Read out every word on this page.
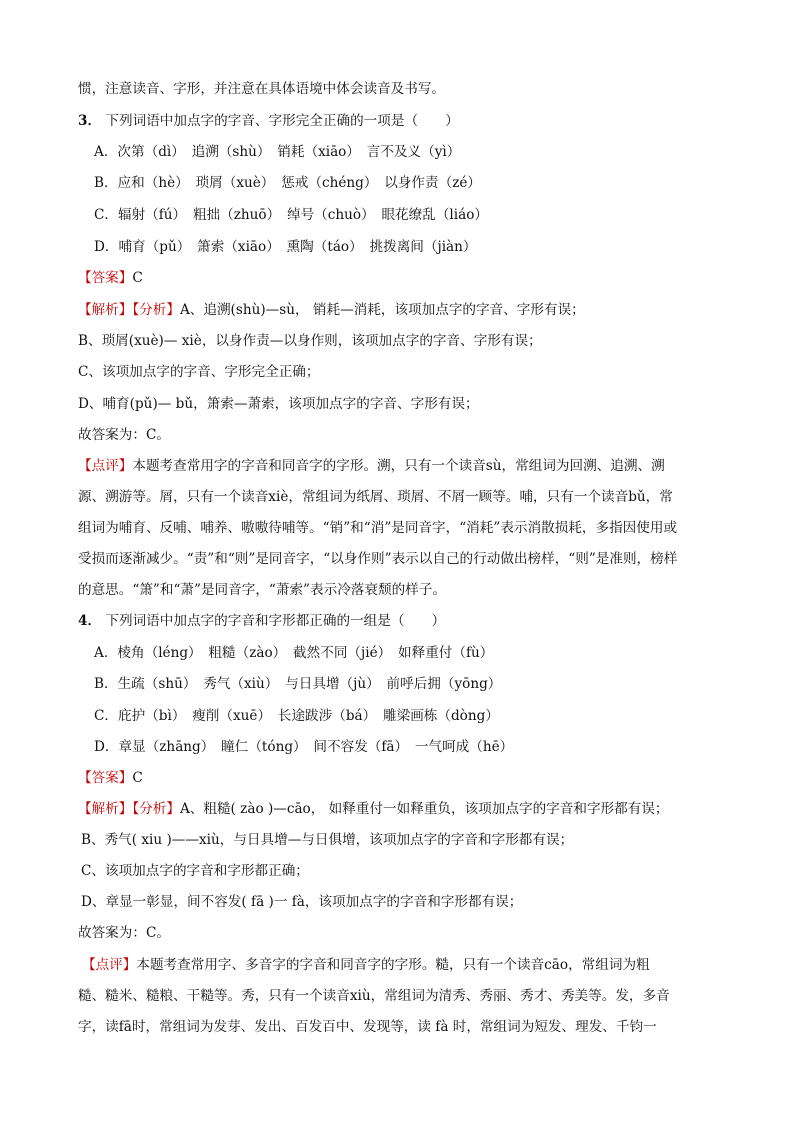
惯，注意读音、字形，并注意在具体语境中体会读音及书写。
3． 下列词语中加点字的字音、字形完全正确的一项是（　　）
A．次第（dì）　追溯（shù）　销耗（xiāo）　言不及义（yì）
B．应和（hè）　琐屑（xuè）　惩戒（chéng）　以身作责（zé）
C．辐射（fú）　粗拙（zhuō）　绰号（chuò）　眼花缭乱（liáo）
D．哺育（pǔ）　箫索（xiāo）　熏陶（táo）　挑拨离间（jiàn）
【答案】C
【解析】【分析】A、追溯(shù)—sù， 销耗—消耗，该项加点字的字音、字形有误；
B、琐屑(xuè)— xiè，以身作责—以身作则，该项加点字的字音、字形有误；
C、该项加点字的字音、字形完全正确；
D、哺育(pǔ)— bǔ，箫索—萧索，该项加点字的字音、字形有误；
故答案为：C。
【点评】本题考查常用字的字音和同音字的字形。溯，只有一个读音sù，常组词为回溯、追溯、溯
源、溯游等。屑，只有一个读音xiè，常组词为纸屑、琐屑、不屑一顾等。哺，只有一个读音bǔ，常
组词为哺育、反哺、哺养、嗷嗷待哺等。“销”和“消”是同音字，“消耗”表示消散损耗，多指因使用或
受损而逐渐减少。“责”和“则”是同音字，“以身作则”表示以自己的行动做出榜样，“则”是准则，榜样
的意思。“箫”和“萧”是同音字，“萧索”表示冷落衰颓的样子。
4． 下列词语中加点字的字音和字形都正确的一组是（　　）
A．棱角（léng）　粗糙（zào）　截然不同（jié）　如释重付（fù）
B．生疏（shū）　秀气（xiù）　与日具增（jù）　前呼后拥（yōng）
C．庇护（bì）　瘦削（xuē）　长途跋涉（bá）　雕梁画栋（dòng）
D．章显（zhāng）　瞳仁（tóng）　间不容发（fā）　一气呵成（hē）
【答案】C
【解析】【分析】A、粗糙( zào )—cāo， 如释重付一如释重负，该项加点字的字音和字形都有误；
B、秀气( xiu )——xiù，与日具增—与日俱增，该项加点字的字音和字形都有误；
C、该项加点字的字音和字形都正确；
D、章显一彰显，间不容发( fā )一 fà，该项加点字的字音和字形都有误；
故答案为：C。
【点评】本题考查常用字、多音字的字音和同音字的字形。糙，只有一个读音cāo，常组词为粗
糙、糙米、糙粮、干糙等。秀，只有一个读音xiù，常组词为清秀、秀丽、秀才、秀美等。发，多音
字，读fā时，常组词为发芽、发出、百发百中、发现等，读 fà 时，常组词为短发、理发、千钧一
